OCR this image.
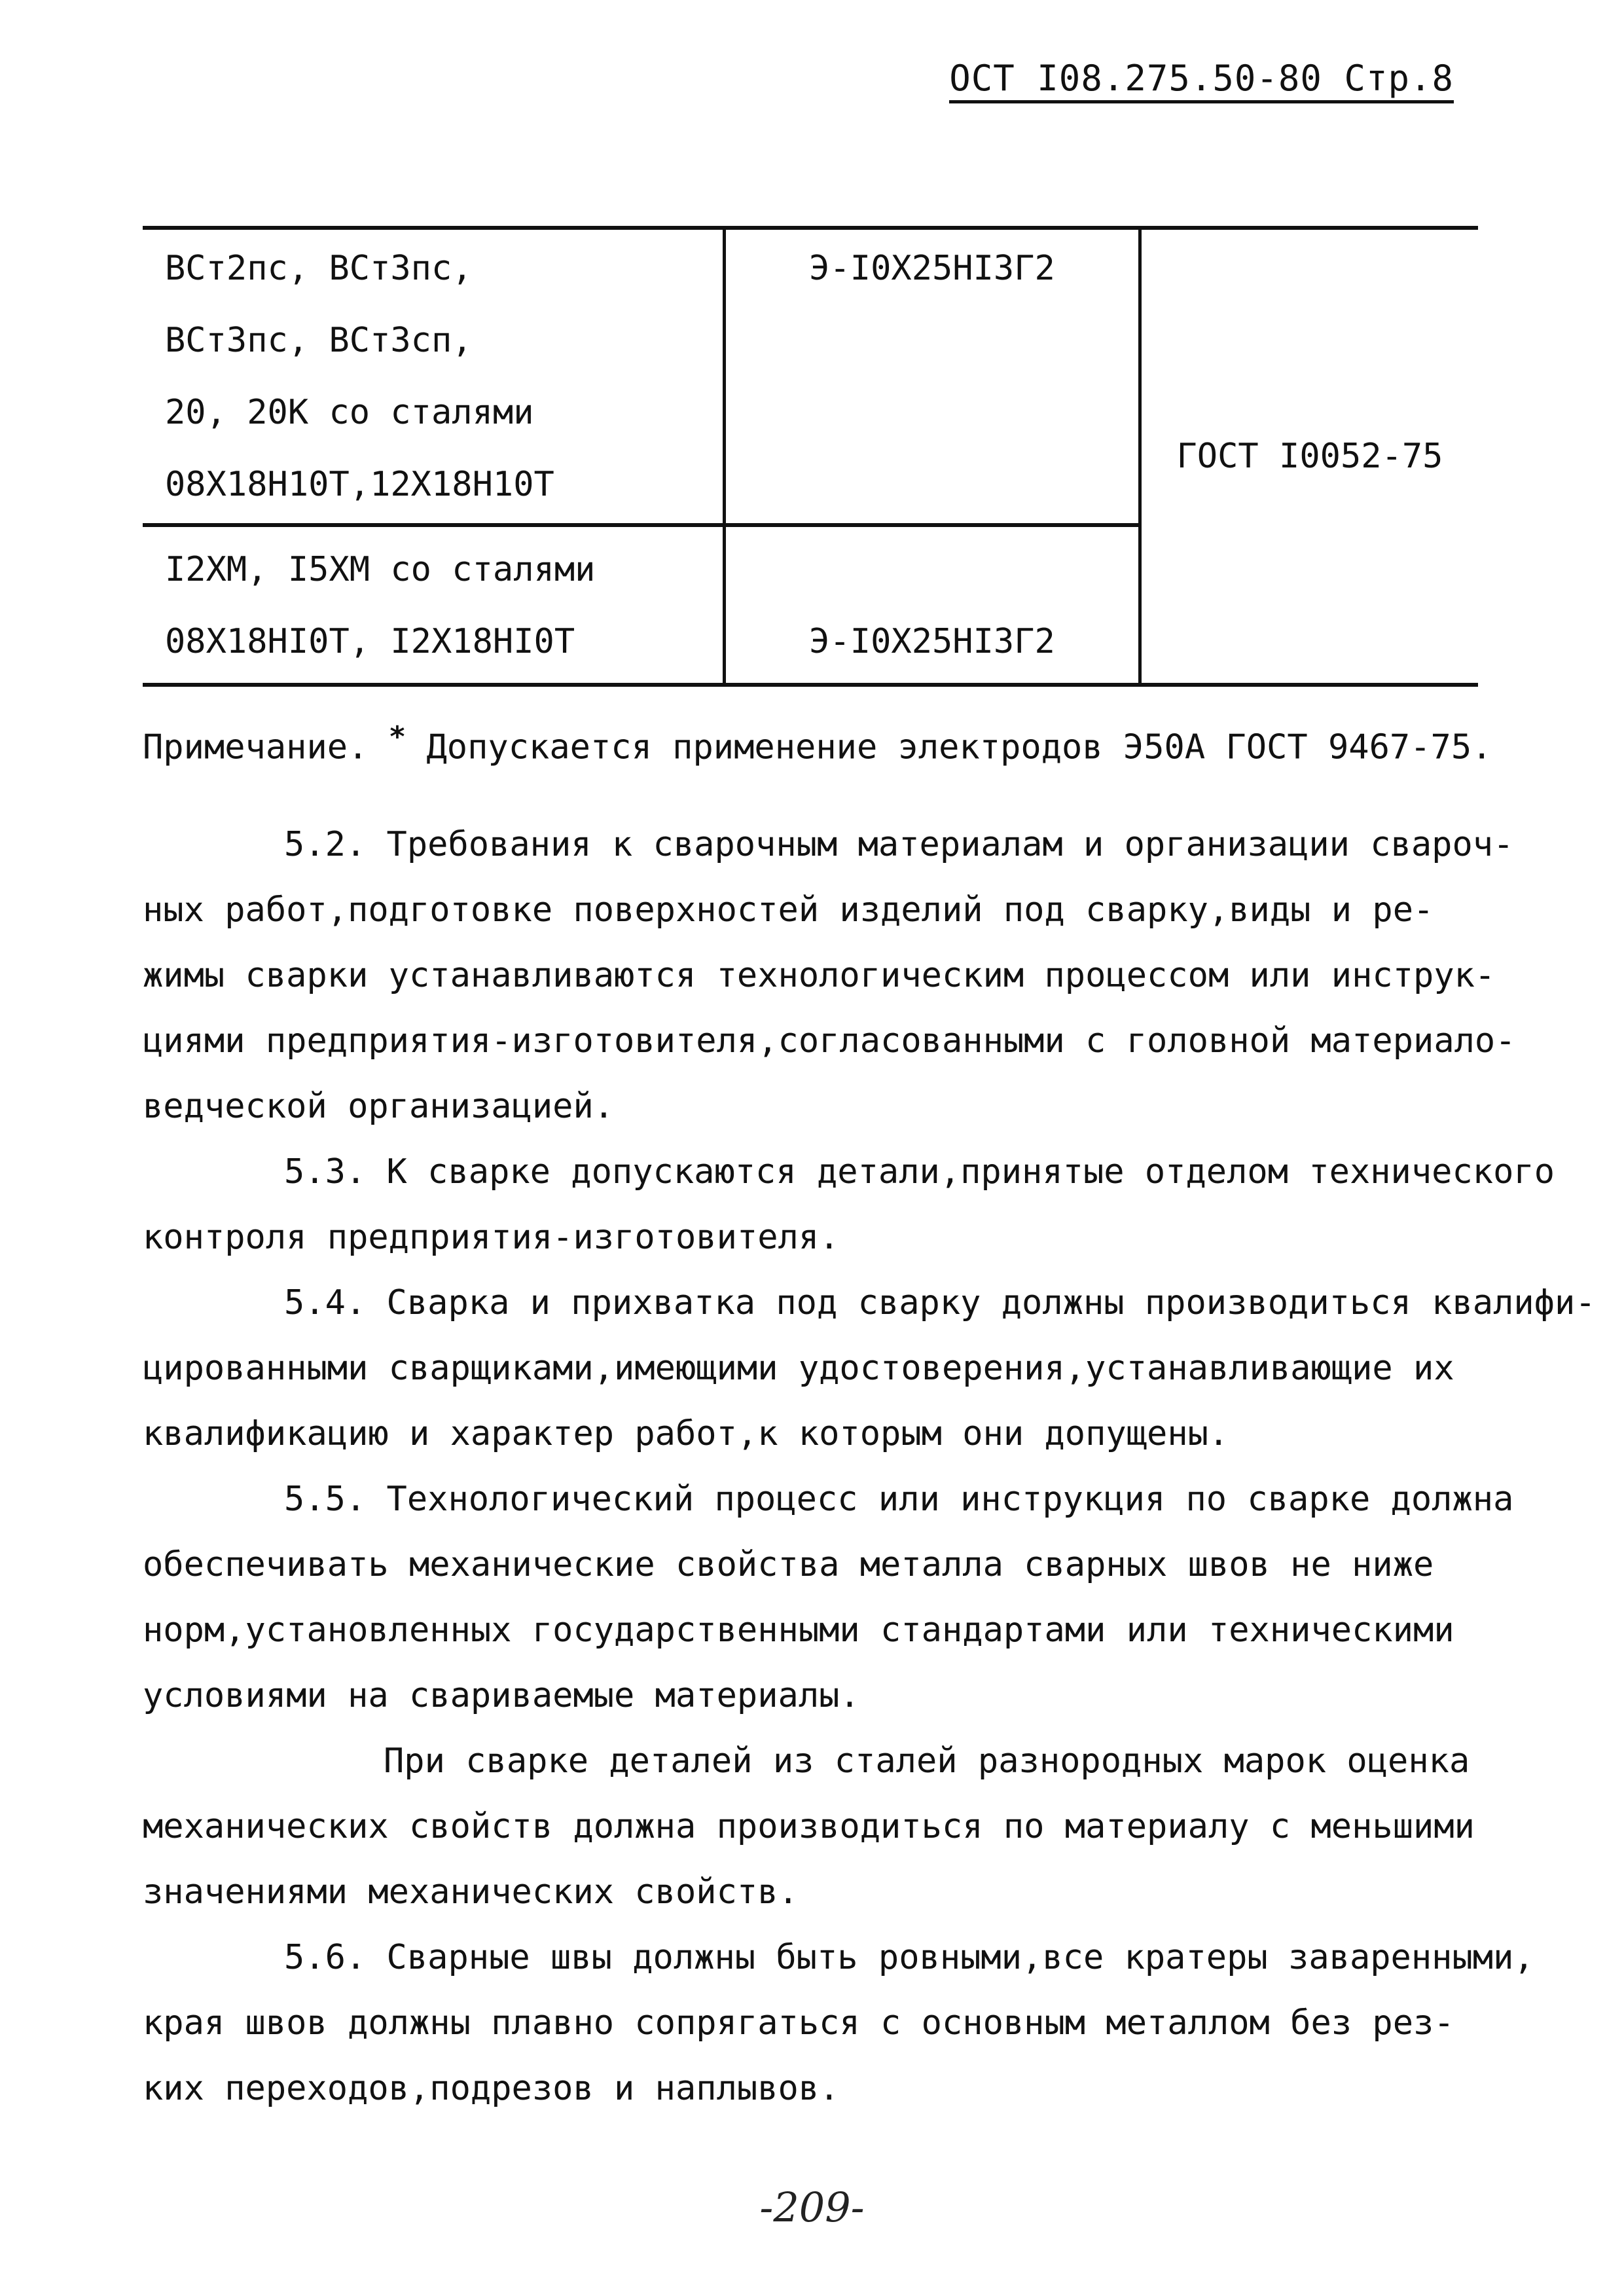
ОСТ I08.275.50-80 Стр.8
ВСт2пс, ВСт3пс,
ВСт3пс, ВСт3сп,
20, 20К со сталями
08Х18Н10Т,12Х18Н10Т	Э-I0Х25НI3Г2	ГОСТ I0052-75

I2ХМ, I5ХМ со сталями
08Х18НI0Т, I2Х18НI0Т	Э-I0Х25НI3Г2	
Примечание. * Допускается применение электродов Э50А ГОСТ 9467-75.
5.2. Требования к сварочным материалам и организации свароч-
ных работ,подготовке поверхностей изделий под сварку,виды и ре-
жимы сварки устанавливаются технологическим процессом или инструк-
циями предприятия-изготовителя,согласованными с головной материало-
ведческой организацией.
5.3. К сварке допускаются детали,принятые отделом технического
контроля предприятия-изготовителя.
5.4. Сварка и прихватка под сварку должны производиться квалифи-
цированными сварщиками,имеющими удостоверения,устанавливающие их
квалификацию и характер работ,к которым они допущены.
5.5. Технологический процесс или инструкция по сварке должна
обеспечивать механические свойства металла сварных швов не ниже
норм,установленных государственными стандартами или техническими
условиями на свариваемые материалы.
При сварке деталей из сталей разнородных марок оценка
механических свойств должна производиться по материалу с меньшими
значениями механических свойств.
5.6. Сварные швы должны быть ровными,все кратеры заваренными,
края швов должны плавно сопрягаться с основным металлом без рез-
ких переходов,подрезов и наплывов.
-209-
